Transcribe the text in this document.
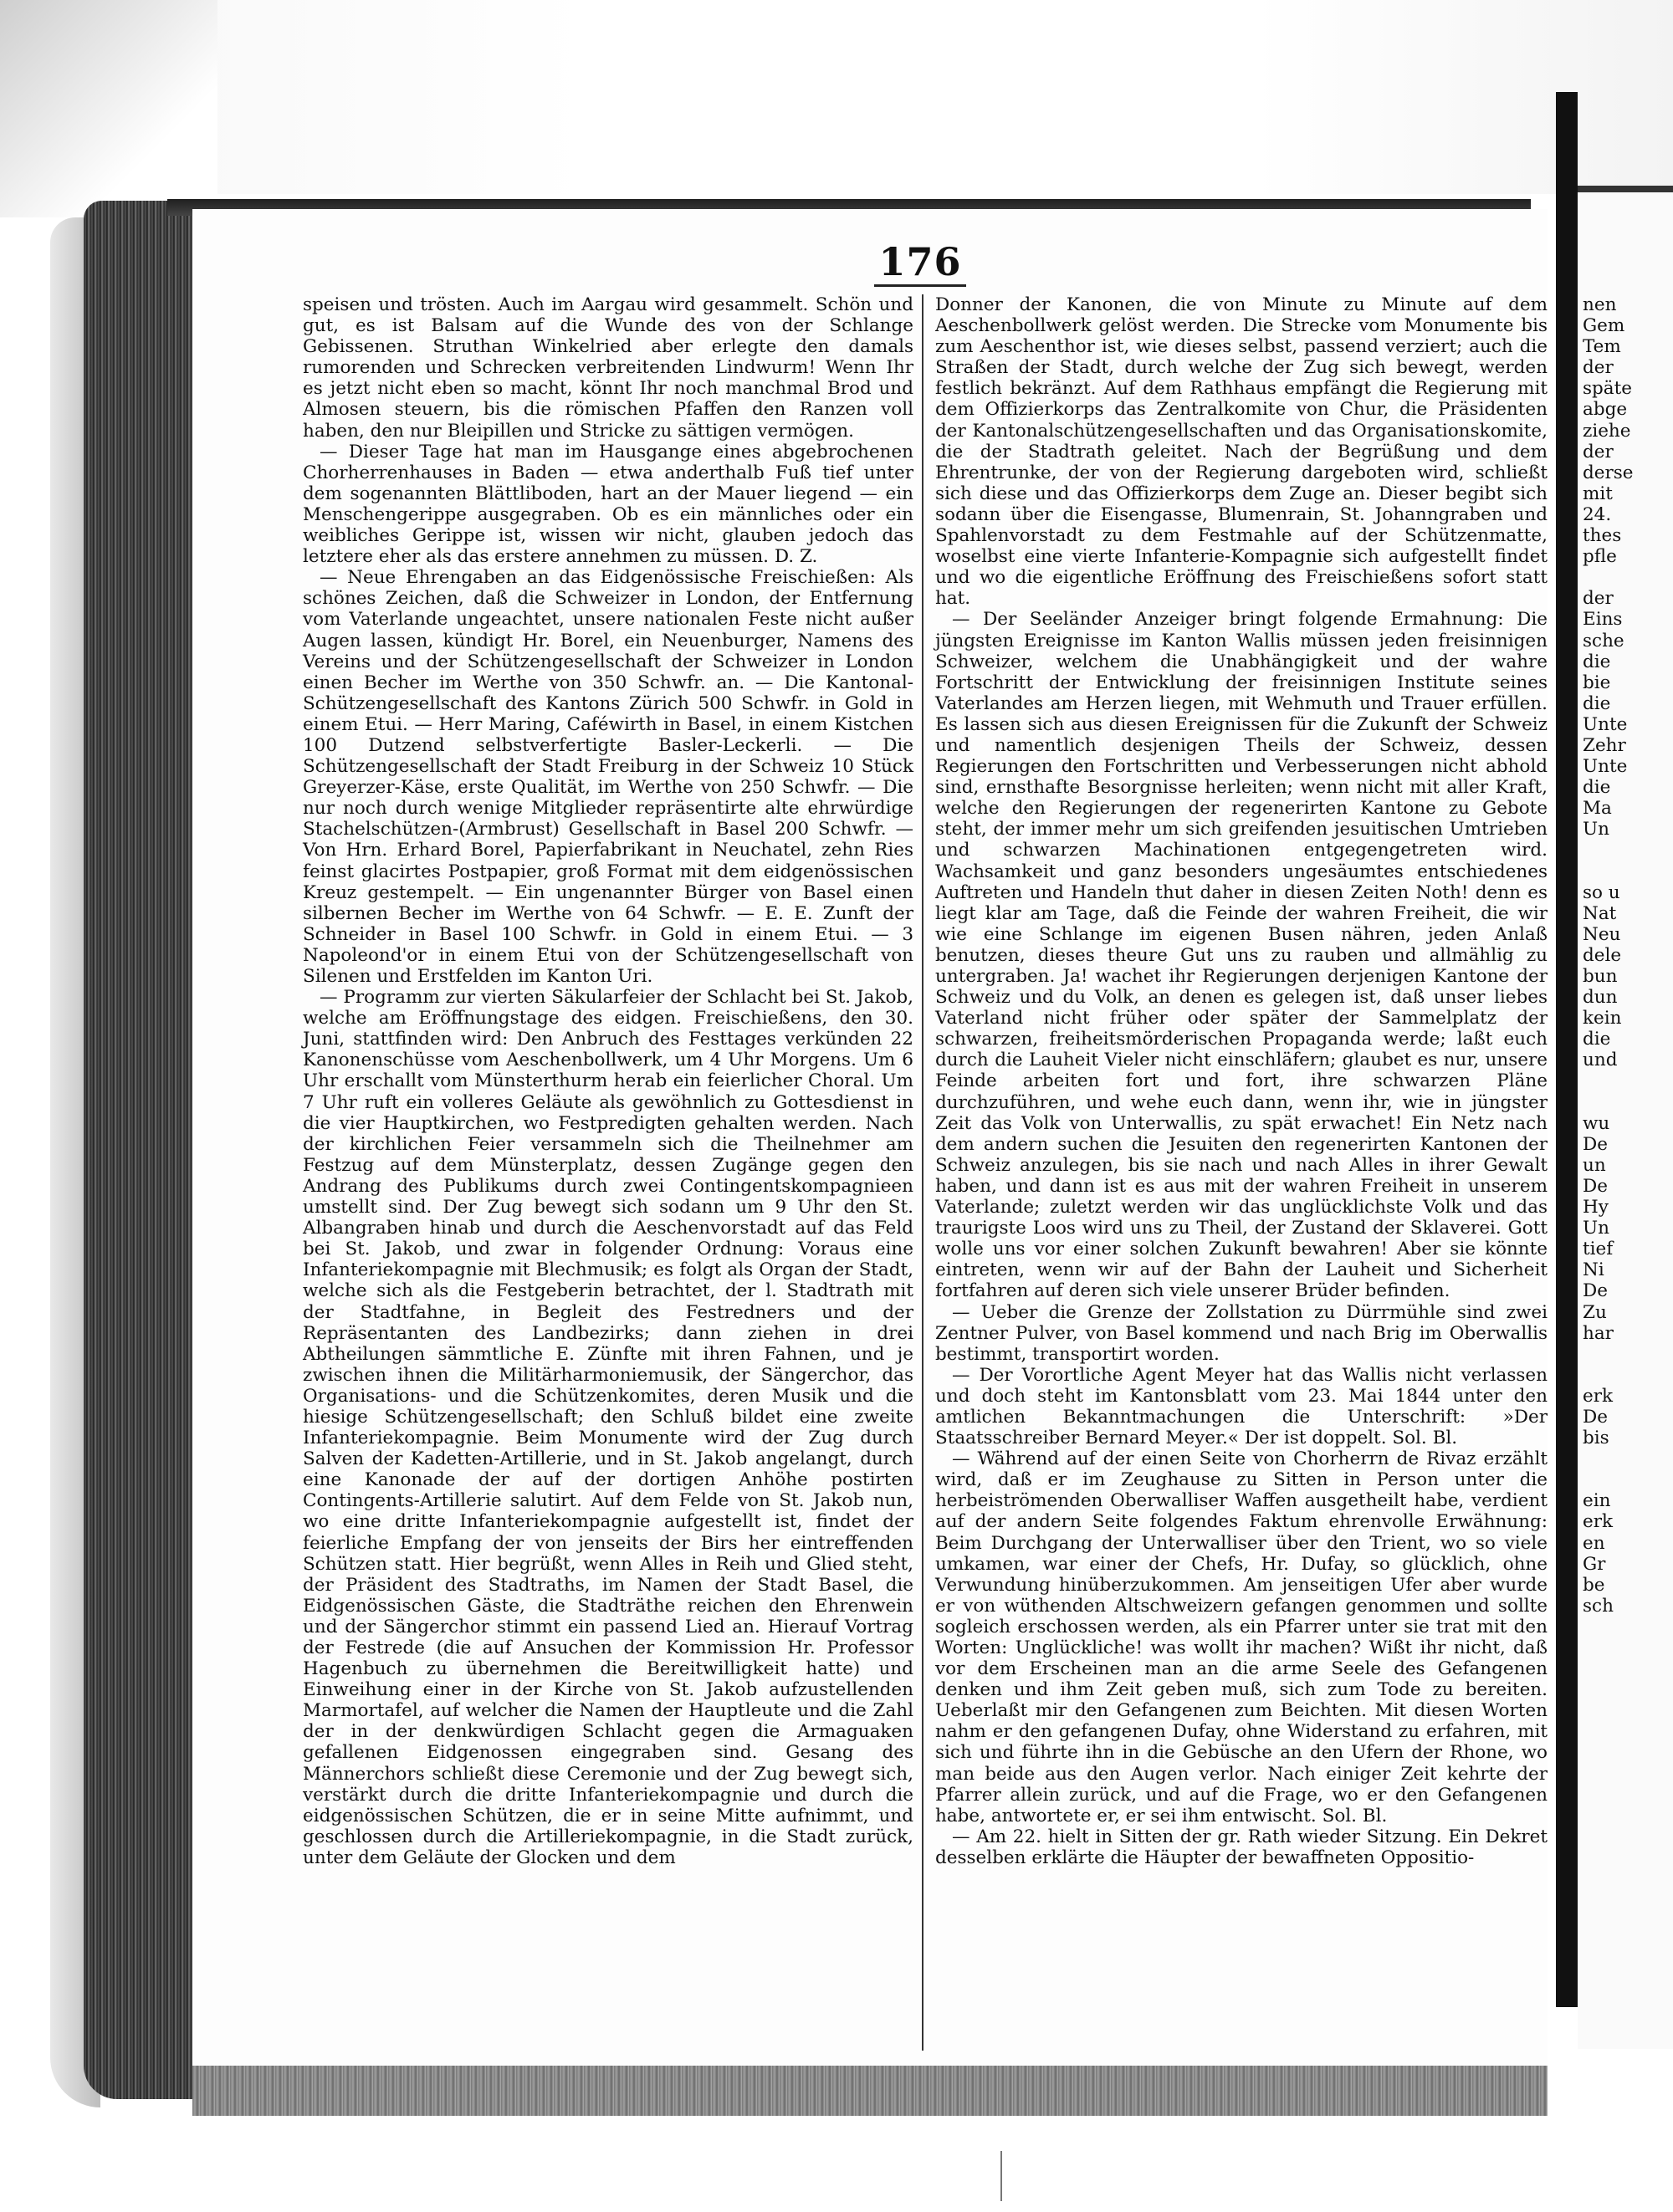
176

speisen und trösten. Auch im Aargau wird gesammelt. Schön und gut, es ist Balsam auf die Wunde des von der Schlange Gebissenen. Struthan Winkelried aber erlegte den damals rumorenden und Schrecken verbreitenden Lindwurm! Wenn Ihr es jetzt nicht eben so macht, könnt Ihr noch manchmal Brod und Almosen steuern, bis die römischen Pfaffen den Ranzen voll haben, den nur Bleipillen und Stricke zu sättigen vermögen.

— Dieser Tage hat man im Hausgange eines abgebrochenen Chorherrenhauses in Baden — etwa anderthalb Fuß tief unter dem sogenannten Blättliboden, hart an der Mauer liegend — ein Menschengerippe ausgegraben. Ob es ein männliches oder ein weibliches Gerippe ist, wissen wir nicht, glauben jedoch das letztere eher als das erstere annehmen zu müssen. D. Z.

— Neue Ehrengaben an das Eidgenössische Freischießen: Als schönes Zeichen, daß die Schweizer in London, der Entfernung vom Vaterlande ungeachtet, unsere nationalen Feste nicht außer Augen lassen, kündigt Hr. Borel, ein Neuenburger, Namens des Vereins und der Schützengesellschaft der Schweizer in London einen Becher im Werthe von 350 Schwfr. an. — Die Kantonal-Schützengesellschaft des Kantons Zürich 500 Schwfr. in Gold in einem Etui. — Herr Maring, Caféwirth in Basel, in einem Kistchen 100 Dutzend selbstverfertigte Basler-Leckerli. — Die Schützengesellschaft der Stadt Freiburg in der Schweiz 10 Stück Greyerzer-Käse, erste Qualität, im Werthe von 250 Schwfr. — Die nur noch durch wenige Mitglieder repräsentirte alte ehrwürdige Stachelschützen-(Armbrust) Gesellschaft in Basel 200 Schwfr. — Von Hrn. Erhard Borel, Papierfabrikant in Neuchatel, zehn Ries feinst glacirtes Postpapier, groß Format mit dem eidgenössischen Kreuz gestempelt. — Ein ungenannter Bürger von Basel einen silbernen Becher im Werthe von 64 Schwfr. — E. E. Zunft der Schneider in Basel 100 Schwfr. in Gold in einem Etui. — 3 Napoleond'or in einem Etui von der Schützengesellschaft von Silenen und Erstfelden im Kanton Uri.

— Programm zur vierten Säkularfeier der Schlacht bei St. Jakob, welche am Eröffnungstage des eidgen. Freischießens, den 30. Juni, stattfinden wird: Den Anbruch des Festtages verkünden 22 Kanonenschüsse vom Aeschenbollwerk, um 4 Uhr Morgens. Um 6 Uhr erschallt vom Münsterthurm herab ein feierlicher Choral. Um 7 Uhr ruft ein volleres Geläute als gewöhnlich zu Gottesdienst in die vier Hauptkirchen, wo Festpredigten gehalten werden. Nach der kirchlichen Feier versammeln sich die Theilnehmer am Festzug auf dem Münsterplatz, dessen Zugänge gegen den Andrang des Publikums durch zwei Contingentskompagnieen umstellt sind. Der Zug bewegt sich sodann um 9 Uhr den St. Albangraben hinab und durch die Aeschenvorstadt auf das Feld bei St. Jakob, und zwar in folgender Ordnung: Voraus eine Infanteriekompagnie mit Blechmusik; es folgt als Organ der Stadt, welche sich als die Festgeberin betrachtet, der l. Stadtrath mit der Stadtfahne, in Begleit des Festredners und der Repräsentanten des Landbezirks; dann ziehen in drei Abtheilungen sämmtliche E. Zünfte mit ihren Fahnen, und je zwischen ihnen die Militärharmoniemusik, der Sängerchor, das Organisations- und die Schützenkomites, deren Musik und die hiesige Schützengesellschaft; den Schluß bildet eine zweite Infanteriekompagnie. Beim Monumente wird der Zug durch Salven der Kadetten-Artillerie, und in St. Jakob angelangt, durch eine Kanonade der auf der dortigen Anhöhe postirten Contingents-Artillerie salutirt. Auf dem Felde von St. Jakob nun, wo eine dritte Infanteriekompagnie aufgestellt ist, findet der feierliche Empfang der von jenseits der Birs her eintreffenden Schützen statt. Hier begrüßt, wenn Alles in Reih und Glied steht, der Präsident des Stadtraths, im Namen der Stadt Basel, die Eidgenössischen Gäste, die Stadträthe reichen den Ehrenwein und der Sängerchor stimmt ein passend Lied an. Hierauf Vortrag der Festrede (die auf Ansuchen der Kommission Hr. Professor Hagenbuch zu übernehmen die Bereitwilligkeit hatte) und Einweihung einer in der Kirche von St. Jakob aufzustellenden Marmortafel, auf welcher die Namen der Hauptleute und die Zahl der in der denkwürdigen Schlacht gegen die Armaguaken gefallenen Eidgenossen eingegraben sind. Gesang des Männerchors schließt diese Ceremonie und der Zug bewegt sich, verstärkt durch die dritte Infanteriekompagnie und durch die eidgenössischen Schützen, die er in seine Mitte aufnimmt, und geschlossen durch die Artilleriekompagnie, in die Stadt zurück, unter dem Geläute der Glocken und dem

Donner der Kanonen, die von Minute zu Minute auf dem Aeschenbollwerk gelöst werden. Die Strecke vom Monumente bis zum Aeschenthor ist, wie dieses selbst, passend verziert; auch die Straßen der Stadt, durch welche der Zug sich bewegt, werden festlich bekränzt. Auf dem Rathhaus empfängt die Regierung mit dem Offizierkorps das Zentralkomite von Chur, die Präsidenten der Kantonalschützengesellschaften und das Organisationskomite, die der Stadtrath geleitet. Nach der Begrüßung und dem Ehrentrunke, der von der Regierung dargeboten wird, schließt sich diese und das Offizierkorps dem Zuge an. Dieser begibt sich sodann über die Eisengasse, Blumenrain, St. Johanngraben und Spahlenvorstadt zu dem Festmahle auf der Schützenmatte, woselbst eine vierte Infanterie-Kompagnie sich aufgestellt findet und wo die eigentliche Eröffnung des Freischießens sofort statt hat.

— Der Seeländer Anzeiger bringt folgende Ermahnung: Die jüngsten Ereignisse im Kanton Wallis müssen jeden freisinnigen Schweizer, welchem die Unabhängigkeit und der wahre Fortschritt der Entwicklung der freisinnigen Institute seines Vaterlandes am Herzen liegen, mit Wehmuth und Trauer erfüllen. Es lassen sich aus diesen Ereignissen für die Zukunft der Schweiz und namentlich desjenigen Theils der Schweiz, dessen Regierungen den Fortschritten und Verbesserungen nicht abhold sind, ernsthafte Besorgnisse herleiten; wenn nicht mit aller Kraft, welche den Regierungen der regenerirten Kantone zu Gebote steht, der immer mehr um sich greifenden jesuitischen Umtrieben und schwarzen Machinationen entgegengetreten wird. Wachsamkeit und ganz besonders ungesäumtes entschiedenes Auftreten und Handeln thut daher in diesen Zeiten Noth! denn es liegt klar am Tage, daß die Feinde der wahren Freiheit, die wir wie eine Schlange im eigenen Busen nähren, jeden Anlaß benutzen, dieses theure Gut uns zu rauben und allmählig zu untergraben. Ja! wachet ihr Regierungen derjenigen Kantone der Schweiz und du Volk, an denen es gelegen ist, daß unser liebes Vaterland nicht früher oder später der Sammelplatz der schwarzen, freiheitsmörderischen Propaganda werde; laßt euch durch die Lauheit Vieler nicht einschläfern; glaubet es nur, unsere Feinde arbeiten fort und fort, ihre schwarzen Pläne durchzuführen, und wehe euch dann, wenn ihr, wie in jüngster Zeit das Volk von Unterwallis, zu spät erwachet! Ein Netz nach dem andern suchen die Jesuiten den regenerirten Kantonen der Schweiz anzulegen, bis sie nach und nach Alles in ihrer Gewalt haben, und dann ist es aus mit der wahren Freiheit in unserem Vaterlande; zuletzt werden wir das unglücklichste Volk und das traurigste Loos wird uns zu Theil, der Zustand der Sklaverei. Gott wolle uns vor einer solchen Zukunft bewahren! Aber sie könnte eintreten, wenn wir auf der Bahn der Lauheit und Sicherheit fortfahren auf deren sich viele unserer Brüder befinden.

— Ueber die Grenze der Zollstation zu Dürrmühle sind zwei Zentner Pulver, von Basel kommend und nach Brig im Oberwallis bestimmt, transportirt worden.

— Der Vorortliche Agent Meyer hat das Wallis nicht verlassen und doch steht im Kantonsblatt vom 23. Mai 1844 unter den amtlichen Bekanntmachungen die Unterschrift: »Der Staatsschreiber Bernard Meyer.« Der ist doppelt. Sol. Bl.

— Während auf der einen Seite von Chorherrn de Rivaz erzählt wird, daß er im Zeughause zu Sitten in Person unter die herbeiströmenden Oberwalliser Waffen ausgetheilt habe, verdient auf der andern Seite folgendes Faktum ehrenvolle Erwähnung: Beim Durchgang der Unterwalliser über den Trient, wo so viele umkamen, war einer der Chefs, Hr. Dufay, so glücklich, ohne Verwundung hinüberzukommen. Am jenseitigen Ufer aber wurde er von wüthenden Altschweizern gefangen genommen und sollte sogleich erschossen werden, als ein Pfarrer unter sie trat mit den Worten: Unglückliche! was wollt ihr machen? Wißt ihr nicht, daß vor dem Erscheinen man an die arme Seele des Gefangenen denken und ihm Zeit geben muß, sich zum Tode zu bereiten. Ueberlaßt mir den Gefangenen zum Beichten. Mit diesen Worten nahm er den gefangenen Dufay, ohne Widerstand zu erfahren, mit sich und führte ihn in die Gebüsche an den Ufern der Rhone, wo man beide aus den Augen verlor. Nach einiger Zeit kehrte der Pfarrer allein zurück, und auf die Frage, wo er den Gefangenen habe, antwortete er, er sei ihm entwischt. Sol. Bl.

— Am 22. hielt in Sitten der gr. Rath wieder Sitzung. Ein Dekret desselben erklärte die Häupter der bewaffneten Oppositio-

nen
Gem
Tem
der
späte
abge
ziehe
der
derse
mit
24.
thes
pfle

der
Eins
sche
die
bie
die
Unte
Zehr
Unte
die
Ma
Un

so u
Nat
Neu
dele
bun
dun
kein
die
und

wu
De
un
De
Hy
Un
tief
Ni
De
Zu
har

erk
De
bis

ein
erk
en
Gr
be
sch
